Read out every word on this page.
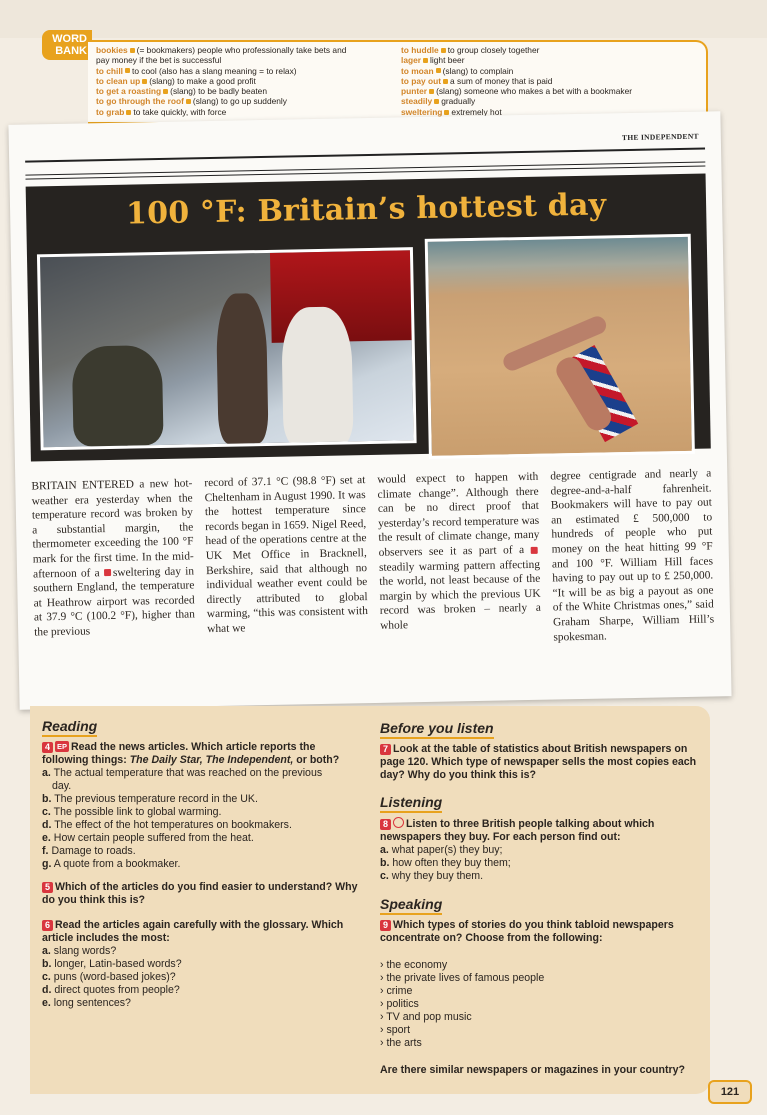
WORD
BANK bookies (= bookmakers) people who professionally take bets and
pay money if the bet is successful
to chill to cool (also has a slang meaning = to relax)
to clean up (slang) to make a good profit
to get a roasting (slang) to be badly beaten
to go through the roof (slang) to go up suddenly
to grab to take quickly, with force
to huddle to group closely together
lager light beer
to moan (slang) to complain
to pay out a sum of money that is paid
punter (slang) someone who makes a bet with a bookmaker
steadily gradually
sweltering extremely hot
THE INDEPENDENT
100 °F: Britain’s hottest day
BRITAIN ENTERED a new hot-weather era yesterday when the temperature record was broken by a substantial margin, the thermometer exceeding the 100 °F mark for the first time. In the mid-afternoon of a sweltering day in southern England, the temperature at Heathrow airport was recorded at 37.9 °C (100.2 °F), higher than the previous
record of 37.1 °C (98.8 °F) set at Cheltenham in August 1990. It was the hottest temperature since records began in 1659. Nigel Reed, head of the operations centre at the UK Met Office in Bracknell, Berkshire, said that although no individual weather event could be directly attributed to global warming, “this was consistent with what we
would expect to happen with climate change”. Although there can be no direct proof that yesterday’s record temperature was the result of climate change, many observers see it as part of a steadily warming pattern affecting the world, not least because of the margin by which the previous UK record was broken – nearly a whole
degree centigrade and nearly a degree-and-a-half fahrenheit. Bookmakers will have to pay out an estimated £ 500,000 to hundreds of people who put money on the heat hitting 99 °F and 100 °F. William Hill faces having to pay out up to £ 250,000. “It will be as big a payout as one of the White Christmas ones,” said Graham Sharpe, William Hill’s spokesman.
Reading
4 EP Read the news articles. Which article reports the following things: The Daily Star, The Independent, or both?
a. The actual temperature that was reached on the previous
day.
b. The previous temperature record in the UK.
c. The possible link to global warming.
d. The effect of the hot temperatures on bookmakers.
e. How certain people suffered from the heat.
f. Damage to roads.
g. A quote from a bookmaker.
5 Which of the articles do you find easier to understand? Why do you think this is?
6 Read the articles again carefully with the glossary. Which article includes the most:
a. slang words?
b. longer, Latin-based words?
c. puns (word-based jokes)?
d. direct quotes from people?
e. long sentences?
Before you listen
7 Look at the table of statistics about British newspapers on page 120. Which type of newspaper sells the most copies each day? Why do you think this is?
Listening
8 Listen to three British people talking about which newspapers they buy. For each person find out:
a. what paper(s) they buy;
b. how often they buy them;
c. why they buy them.
Speaking
9 Which types of stories do you think tabloid newspapers concentrate on? Choose from the following:
› the economy
› the private lives of famous people
› crime
› politics
› TV and pop music
› sport
› the arts
Are there similar newspapers or magazines in your country?
121
